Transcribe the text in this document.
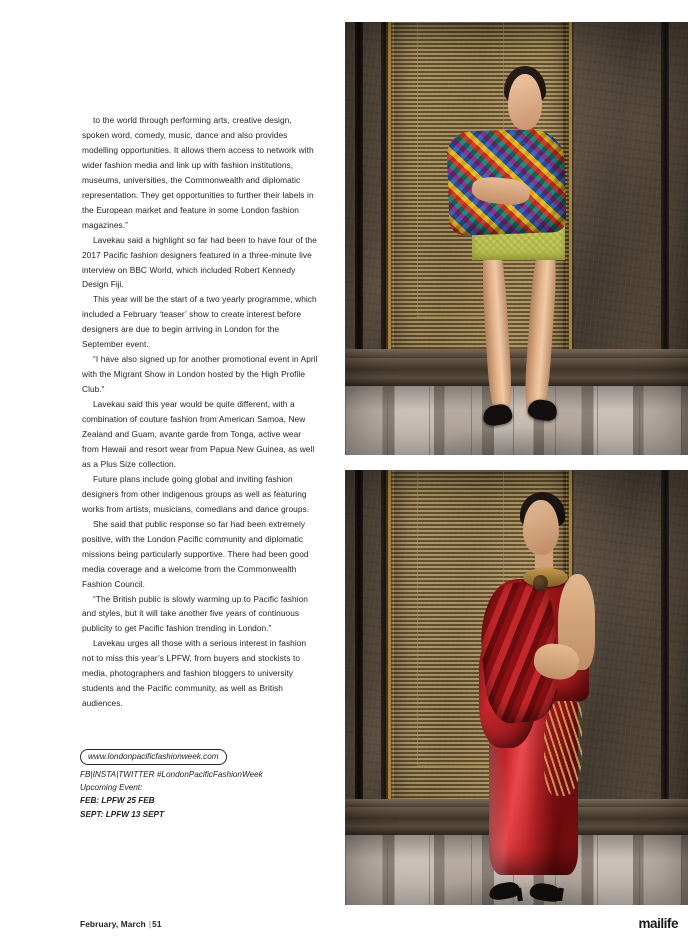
to the world through performing arts, creative design, spoken word, comedy, music, dance and also provides modelling opportunities. It allows them access to network with wider fashion media and link up with fashion institutions, museums, universities, the Commonwealth and diplomatic representation. They get opportunities to further their labels in the European market and feature in some London fashion magazines.”

Lavekau said a highlight so far had been to have four of the 2017 Pacific fashion designers featured in a three-minute live interview on BBC World, which included Robert Kennedy Design Fiji.

This year will be the start of a two yearly programme, which included a February ‘teaser’ show to create interest before designers are due to begin arriving in London for the September event.

“I have also signed up for another promotional event in April with the Migrant Show in London hosted by the High Profile Club.”

Lavekau said this year would be quite different, with a combination of couture fashion from American Samoa, New Zealand and Guam, avante garde from Tonga, active wear from Hawaii and resort wear from Papua New Guinea, as well as a Plus Size collection.

Future plans include going global and inviting fashion designers from other indigenous groups as well as featuring works from artists, musicians, comedians and dance groups.

She said that public response so far had been extremely positive, with the London Pacific community and diplomatic missions being particularly supportive. There had been good media coverage and a welcome from the Commonwealth Fashion Council.

“The British public is slowly warming up to Pacific fashion and styles, but it will take another five years of continuous publicity to get Pacific fashion trending in London.”

Lavekau urges all those with a serious interest in fashion not to miss this year’s LPFW, from buyers and stockists to media, photographers and fashion bloggers to university students and the Pacific community, as well as British audiences.

www.londonpacificfashionweek.com
FB|INSTA|TWITTER #LondonPacificFashionWeek
Upcoming Event:
FEB: LPFW 25 FEB
SEPT: LPFW 13 SEPT
February, March |51	mailife
